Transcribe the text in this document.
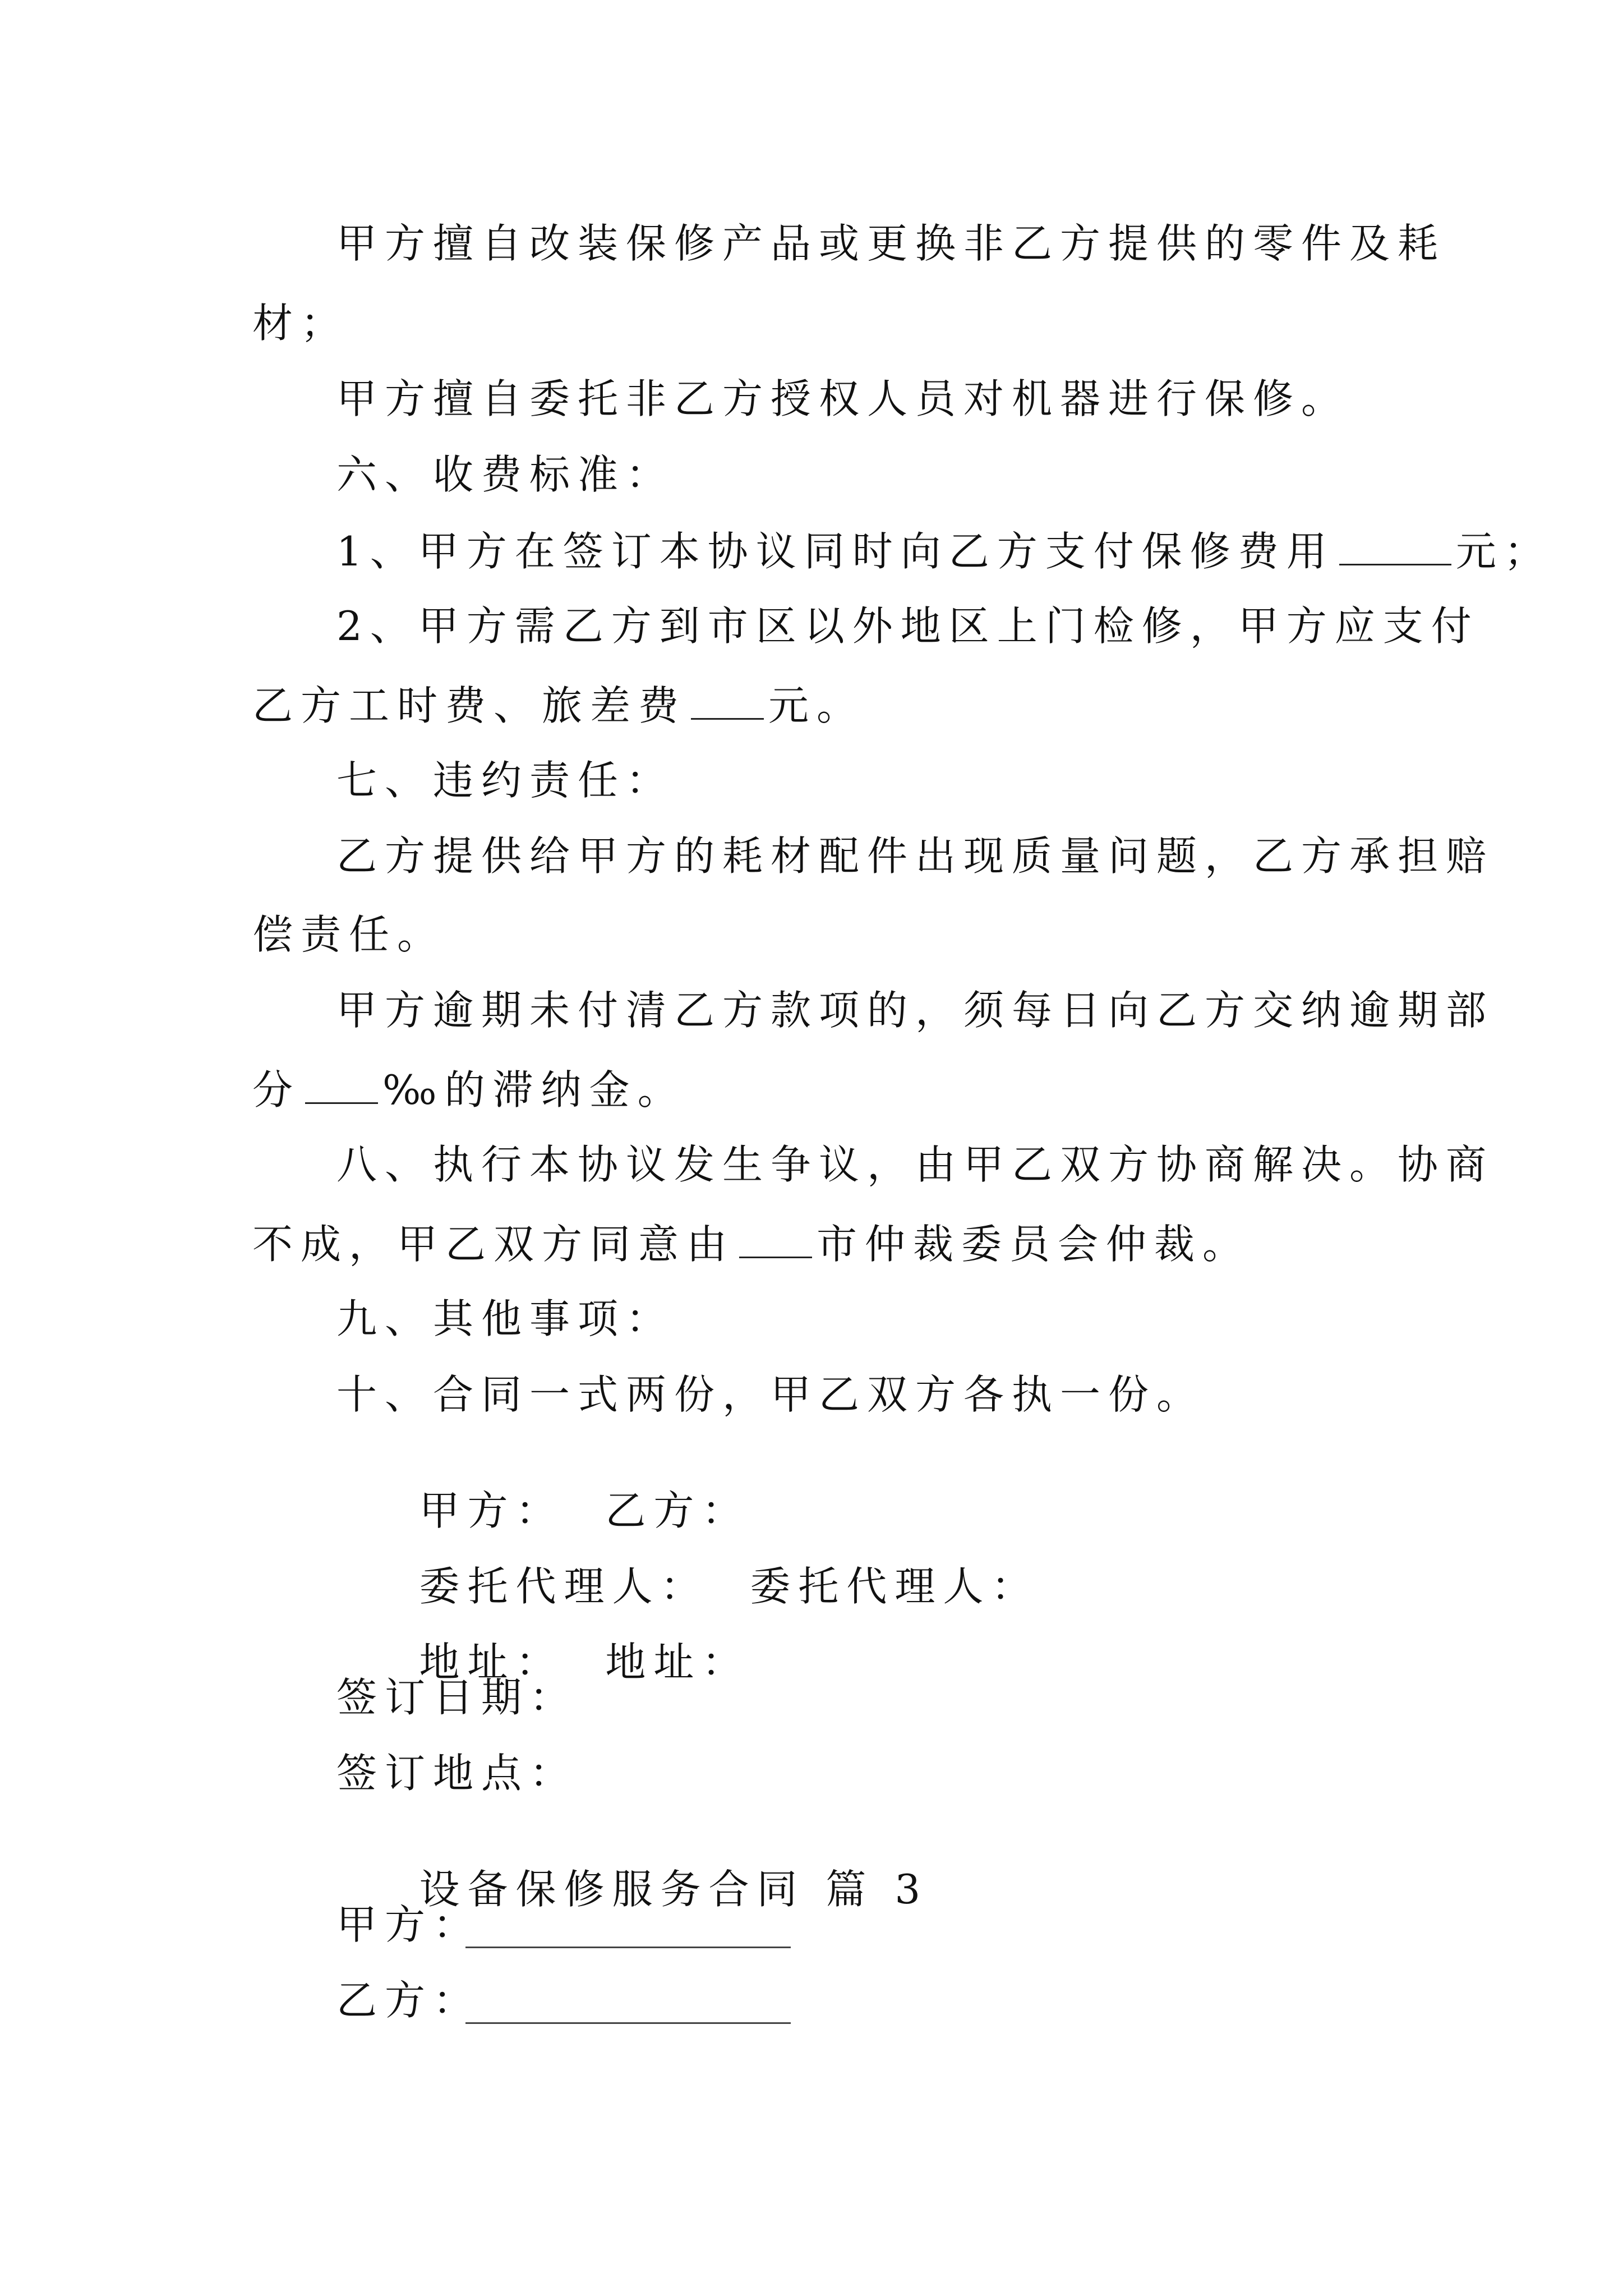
甲方擅自改装保修产品或更换非乙方提供的零件及耗
材；
甲方擅自委托非乙方授权人员对机器进行保修。
六、收费标准：
1、甲方在签订本协议同时向乙方支付保修费用	元；
2、甲方需乙方到市区以外地区上门检修，甲方应支付
乙方工时费、旅差费 元。
七、违约责任：
乙方提供给甲方的耗材配件出现质量问题，乙方承担赔
偿责任。
甲方逾期未付清乙方款项的，须每日向乙方交纳逾期部
分 ‰的滞纳金。
八、执行本协议发生争议，由甲乙双方协商解决。协商
不成，甲乙双方同意由 市仲裁委员会仲裁。
九、其他事项：
十、合同一式两份，甲乙双方各执一份。

甲方：  乙方：

委托代理人：  委托代理人：

地址：  地址：

签订日期：
签订地点：

设备保修服务合同 篇 3

甲方：
乙方：
